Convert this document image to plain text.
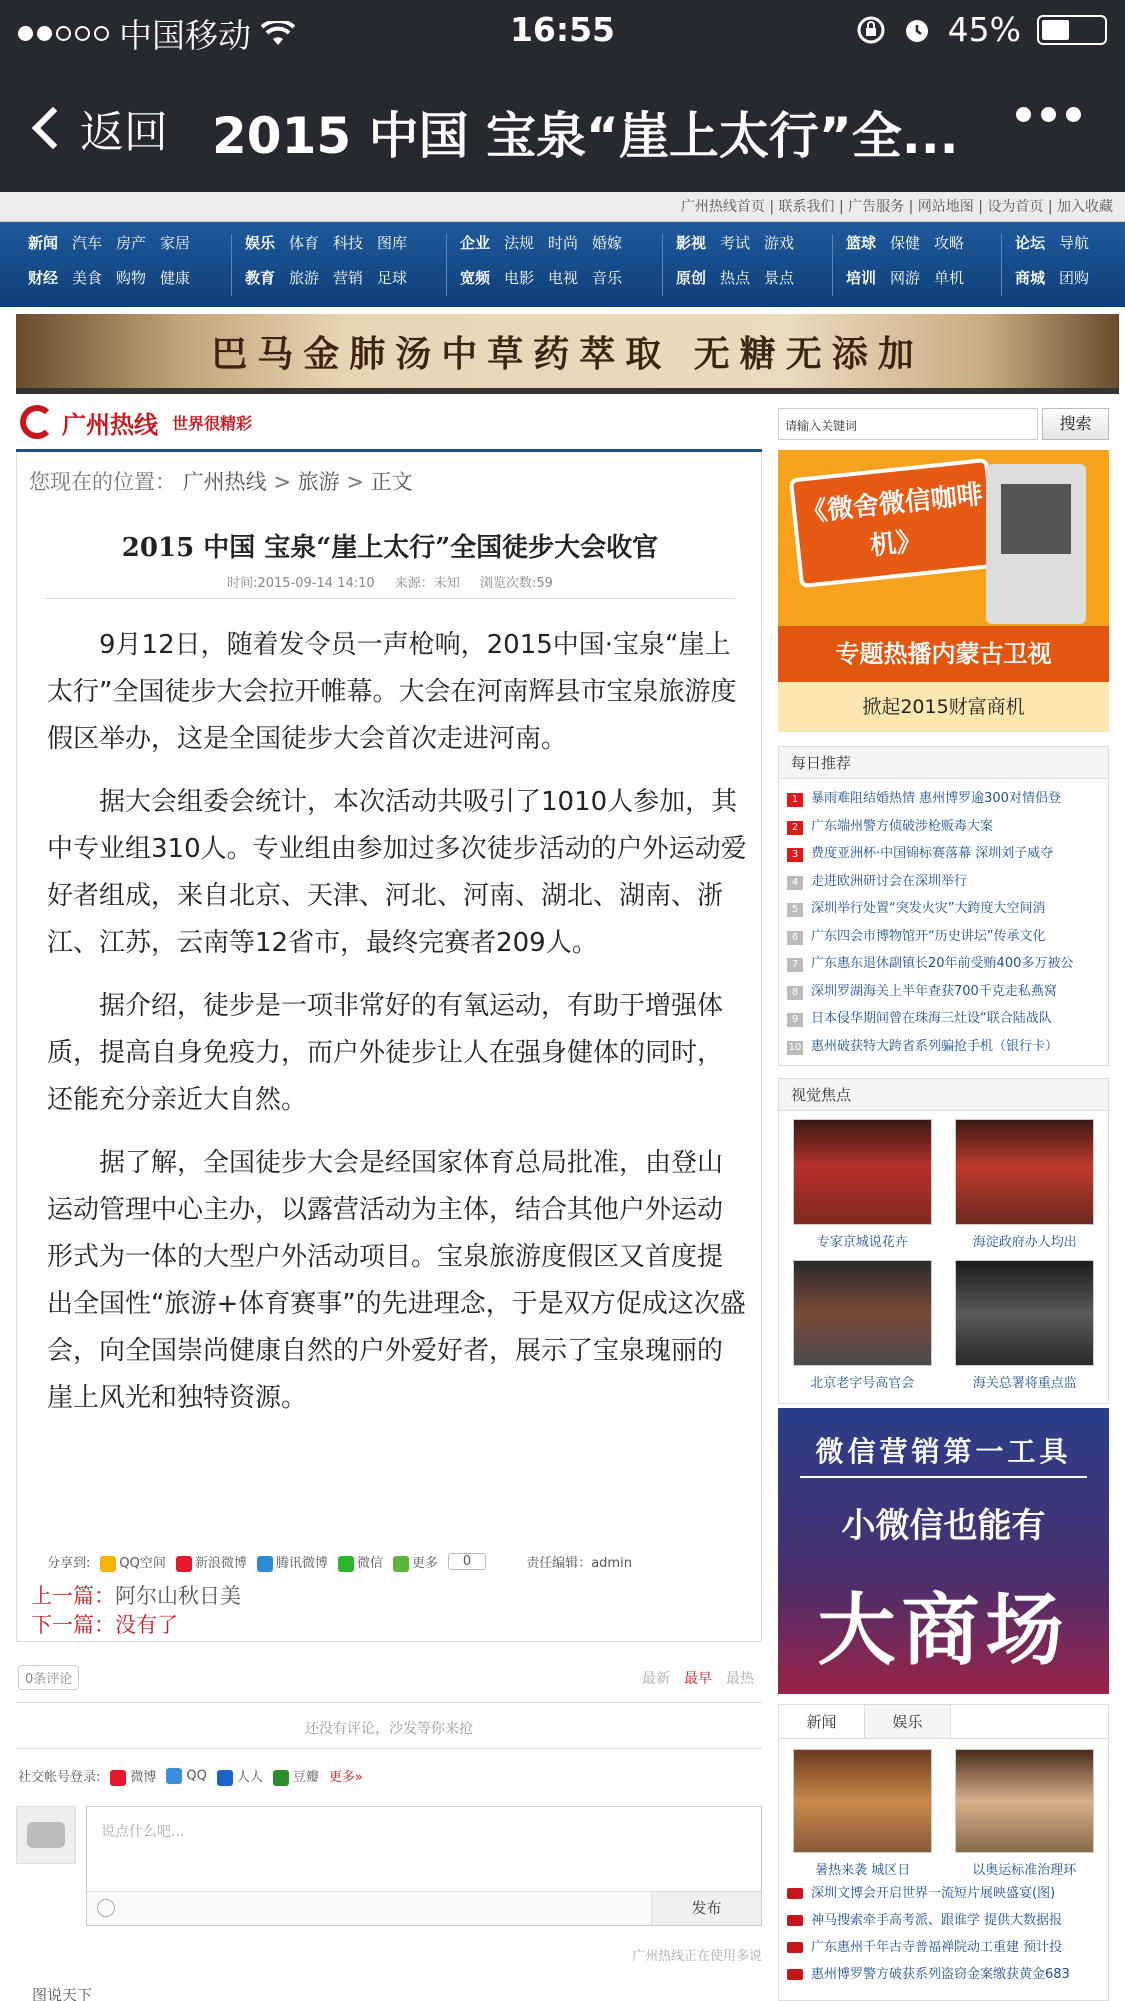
中国移动	16:55	45%
返回 2015 中国 宝泉“崖上太行”全...
广州热线首页 | 联系我们 | 广告服务 | 网站地图 | 设为首页 | 加入收藏
新闻 汽车 房产 家居
财经 美食 购物 健康
娱乐 体育 科技 图库
教育 旅游 营销 足球
企业 法规 时尚 婚嫁
宽频 电影 电视 音乐
影视 考试 游戏
原创 热点 景点
篮球 保健 攻略
培训 网游 单机
论坛 导航
商城 团购
巴马金肺汤中草药萃取 无糖无添加
广州热线 世界很精彩
您现在的位置： 广州热线 > 旅游 > 正文
2015 中国 宝泉“崖上太行”全国徒步大会收官
时间:2015-09-14 14:10 来源：未知 浏览次数:59

9月12日，随着发令员一声枪响，2015中国·宝泉“崖上太行”全国徒步大会拉开帷幕。大会在河南辉县市宝泉旅游度假区举办，这是全国徒步大会首次走进河南。

据大会组委会统计，本次活动共吸引了1010人参加，其中专业组310人。专业组由参加过多次徒步活动的户外运动爱好者组成，来自北京、天津、河北、河南、湖北、湖南、浙江、江苏，云南等12省市，最终完赛者209人。

据介绍，徒步是一项非常好的有氧运动，有助于增强体质，提高自身免疫力，而户外徒步让人在强身健体的同时，还能充分亲近大自然。

据了解，全国徒步大会是经国家体育总局批准，由登山运动管理中心主办，以露营活动为主体，结合其他户外运动形式为一体的大型户外活动项目。宝泉旅游度假区又首度提出全国性“旅游+体育赛事”的先进理念，于是双方促成这次盛会，向全国崇尚健康自然的户外爱好者，展示了宝泉瑰丽的崖上风光和独特资源。

分享到:	QQ空间	新浪微博	腾讯微博	微信	更多	0	责任编辑：admin
上一篇：阿尔山秋日美
下一篇：没有了
0条评论	最新 最早 最热
还没有评论，沙发等你来抢
社交帐号登录:	微博	QQ	人人	豆瓣 更多»
说点什么吧...
发布
广州热线正在使用多说
图说天下
请输入关键词	搜索
《微舍微信咖啡机》
专题热播内蒙古卫视
掀起2015财富商机
每日推荐
1 暴雨难阻结婚热情 惠州博罗逾300对情侣登
2 广东端州警方侦破涉枪贩毒大案
3 费度亚洲杯·中国锦标赛落幕 深圳刘子威夺
4 走进欧洲研讨会在深圳举行
5 深圳举行处置“突发火灾”大跨度大空间消
6 广东四会市博物馆开“历史讲坛”传承文化
7 广东惠东退休副镇长20年前受贿400多万被公
8 深圳罗湖海关上半年查获700千克走私燕窝
9 日本侵华期间曾在珠海三灶设“联合陆战队
10 惠州破获特大跨省系列骗抢手机（银行卡）
视觉焦点
专家京城说花卉	海淀政府办人均出
北京老字号高官会	海关总署将重点监
微信营销第一工具
小微信也能有
大商场
新闻	娱乐
暑热来袭 城区日	以奥运标准治理环
深圳文博会开启世界一流短片展映盛宴(图)
神马搜索牵手高考派、跟谁学 提供大数据报
广东惠州千年古寺普福禅院动工重建 预计投
惠州博罗警方破获系列盗窃金案缴获黄金683
